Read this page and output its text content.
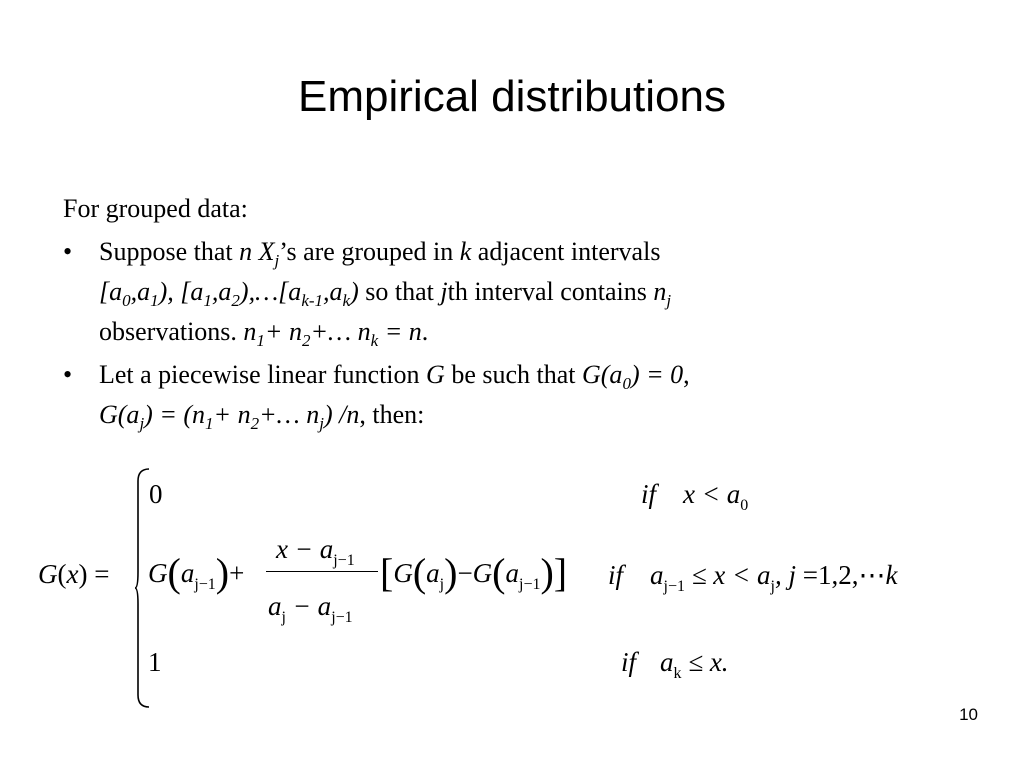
Empirical distributions
For grouped data:
• Suppose that n $X_j’s$ are grouped in k adjacent intervals
$[a_0,a_1)$, $[a_1,a_2),\dots[a_{k-1},a_k)$ so that jth interval contains $n_j$
observations. $n_1+$ $n_2+\dots$ $n_k = n$.
• Let a piecewise linear function G be such that $G(a_0) = 0$,
$G(a_j) = (n_1+$ $n_2+\dots$ $n_j$) /n, then:
G(x) =
0	if $x < a_0$
$G(a_{j-1})+$
$x - a_{j-1}$
$a_j - a_{j-1}$
$[G(a_j)-G(a_{j-1})]$ if $a_{j-1} \le x < a_j$, j =1,2,⋯k
1	if $a_k \le x$.
10
